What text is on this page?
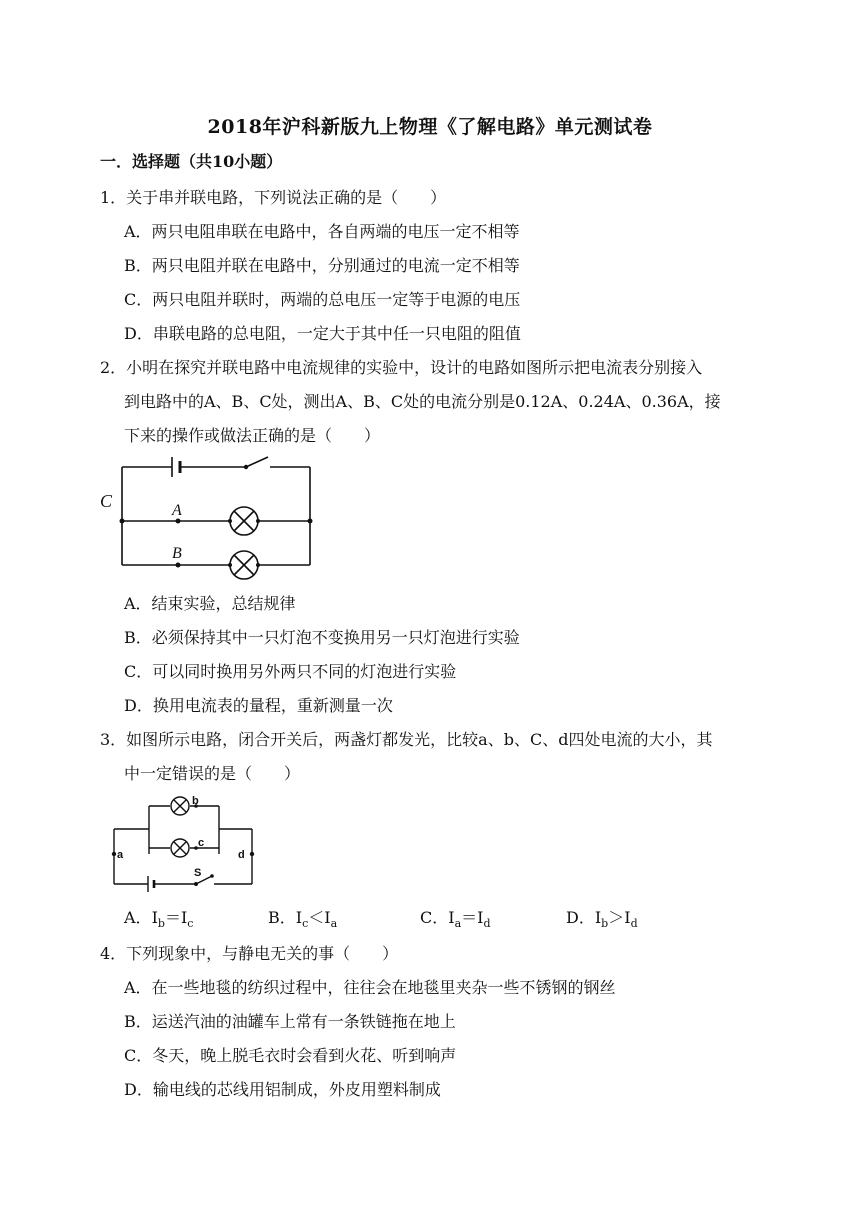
2018年沪科新版九上物理《了解电路》单元测试卷
一．选择题（共10小题）
1．关于串并联电路，下列说法正确的是（　　）
A．两只电阻串联在电路中，各自两端的电压一定不相等
B．两只电阻并联在电路中，分别通过的电流一定不相等
C．两只电阻并联时，两端的总电压一定等于电源的电压
D．串联电路的总电阻，一定大于其中任一只电阻的阻值
2．小明在探究并联电路中电流规律的实验中，设计的电路如图所示把电流表分别接入
到电路中的A、B、C处，测出A、B、C处的电流分别是0.12A、0.24A、0.36A，接
下来的操作或做法正确的是（　　）
C	A
B
A．结束实验，总结规律
B．必须保持其中一只灯泡不变换用另一只灯泡进行实验
C．可以同时换用另外两只不同的灯泡进行实验
D．换用电流表的量程，重新测量一次
3．如图所示电路，闭合开关后，两盏灯都发光，比较a、b、C、d四处电流的大小，其
中一定错误的是（　　）
a
b
c
d
S
A．$I_b=I_c$	B．$I_c<I_a$	C．$I_a=I_d$	D．$I_b>I_d$
4．下列现象中，与静电无关的事（　　）
A．在一些地毯的纺织过程中，往往会在地毯里夹杂一些不锈钢的钢丝
B．运送汽油的油罐车上常有一条铁链拖在地上
C．冬天，晚上脱毛衣时会看到火花、听到响声
D．输电线的芯线用铝制成，外皮用塑料制成
